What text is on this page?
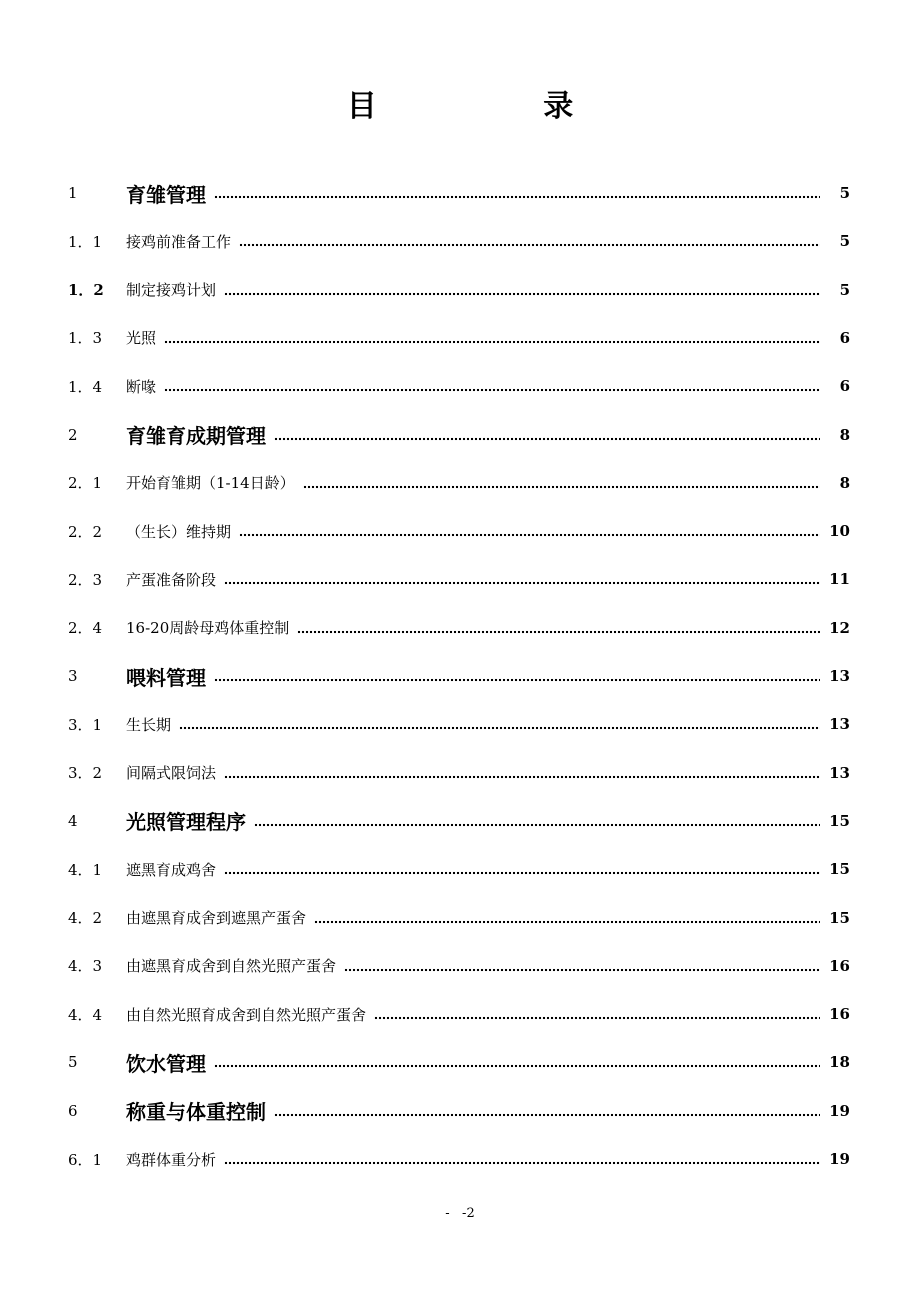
目 录
1	育雏管理	5
1．1	接鸡前准备工作	5
1．2	制定接鸡计划	5
1．3	光照	6
1．4	断喙	6
2	育雏育成期管理	8
2．1	开始育雏期（1-14日龄）	8
2．2	（生长）维持期	10
2．3	产蛋准备阶段	11
2．4	16-20周龄母鸡体重控制	12
3	喂料管理	13
3．1	生长期	13
3．2	间隔式限饲法	13
4	光照管理程序	15
4．1	遮黑育成鸡舍	15
4．2	由遮黑育成舍到遮黑产蛋舍	15
4．3	由遮黑育成舍到自然光照产蛋舍	16
4．4	由自然光照育成舍到自然光照产蛋舍	16
5	饮水管理	18
6	称重与体重控制	19
6．1	鸡群体重分析	19
-   -2
